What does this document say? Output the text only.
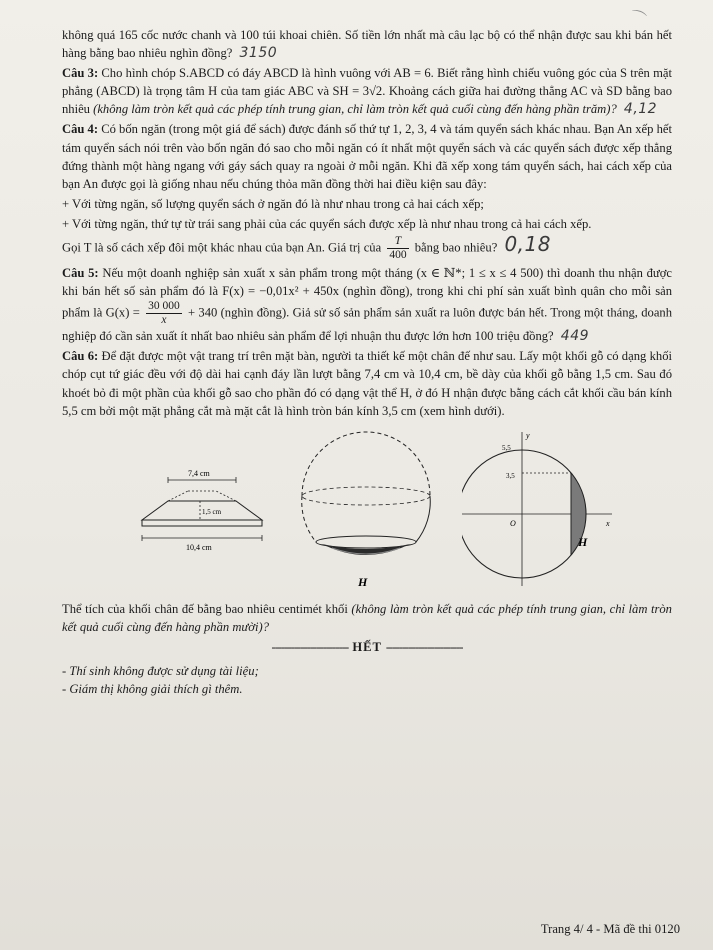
⌒

không quá 165 cốc nước chanh và 100 túi khoai chiên. Số tiền lớn nhất mà câu lạc bộ có thể nhận được sau khi bán hết hàng bằng bao nhiêu nghìn đồng? 3150

Câu 3: Cho hình chóp S.ABCD có đáy ABCD là hình vuông với AB = 6. Biết rằng hình chiếu vuông góc của S trên mặt phẳng (ABCD) là trọng tâm H của tam giác ABC và SH = 3√2. Khoảng cách giữa hai đường thẳng AC và SD bằng bao nhiêu (không làm tròn kết quả các phép tính trung gian, chỉ làm tròn kết quả cuối cùng đến hàng phần trăm)? 4,12

Câu 4: Có bốn ngăn (trong một giá để sách) được đánh số thứ tự 1, 2, 3, 4 và tám quyển sách khác nhau. Bạn An xếp hết tám quyển sách nói trên vào bốn ngăn đó sao cho mỗi ngăn có ít nhất một quyển sách và các quyển sách được xếp thẳng đứng thành một hàng ngang với gáy sách quay ra ngoài ở mỗi ngăn. Khi đã xếp xong tám quyển sách, hai cách xếp của bạn An được gọi là giống nhau nếu chúng thỏa mãn đồng thời hai điều kiện sau đây:

+ Với từng ngăn, số lượng quyển sách ở ngăn đó là như nhau trong cả hai cách xếp;

+ Với từng ngăn, thứ tự từ trái sang phải của các quyển sách được xếp là như nhau trong cả hai cách xếp.

Gọi T là số cách xếp đôi một khác nhau của bạn An. Giá trị của $\frac{T}{400}$ bằng bao nhiêu? 0,18

Câu 5: Nếu một doanh nghiệp sản xuất x sản phẩm trong một tháng (x ∈ ℕ*; 1 ≤ x ≤ 4 500) thì doanh thu nhận được khi bán hết số sản phẩm đó là F(x) = −0,01x² + 450x (nghìn đồng), trong khi chi phí sản xuất bình quân cho mỗi sản phẩm là $G(x) = \frac{30 000}{x} + 340$ (nghìn đồng). Giả sử số sản phẩm sản xuất ra luôn được bán hết. Trong một tháng, doanh nghiệp đó cần sản xuất ít nhất bao nhiêu sản phẩm để lợi nhuận thu được lớn hơn 100 triệu đồng? 449

Câu 6: Để đặt được một vật trang trí trên mặt bàn, người ta thiết kế một chân đế như sau. Lấy một khối gỗ có dạng khối chóp cụt tứ giác đều với độ dài hai cạnh đáy lần lượt bằng 7,4 cm và 10,4 cm, bề dày của khối gỗ bằng 1,5 cm. Sau đó khoét bỏ đi một phần của khối gỗ sao cho phần đó có dạng vật thể H, ở đó H nhận được bằng cách cắt khối cầu bán kính 5,5 cm bởi một mặt phẳng cắt mà mặt cắt là hình tròn bán kính 3,5 cm (xem hình dưới).

7,4 cm
1,5 cm
10,4 cm
H
y
x
O
5,5
3,5
H

Thể tích của khối chân đế bằng bao nhiêu centimét khối (không làm tròn kết quả các phép tính trung gian, chỉ làm tròn kết quả cuối cùng đến hàng phần mười)?

------------------------ HẾT ------------------------

- Thí sinh không được sử dụng tài liệu;

- Giám thị không giải thích gì thêm.

Trang 4/ 4 - Mã đề thi 0120
